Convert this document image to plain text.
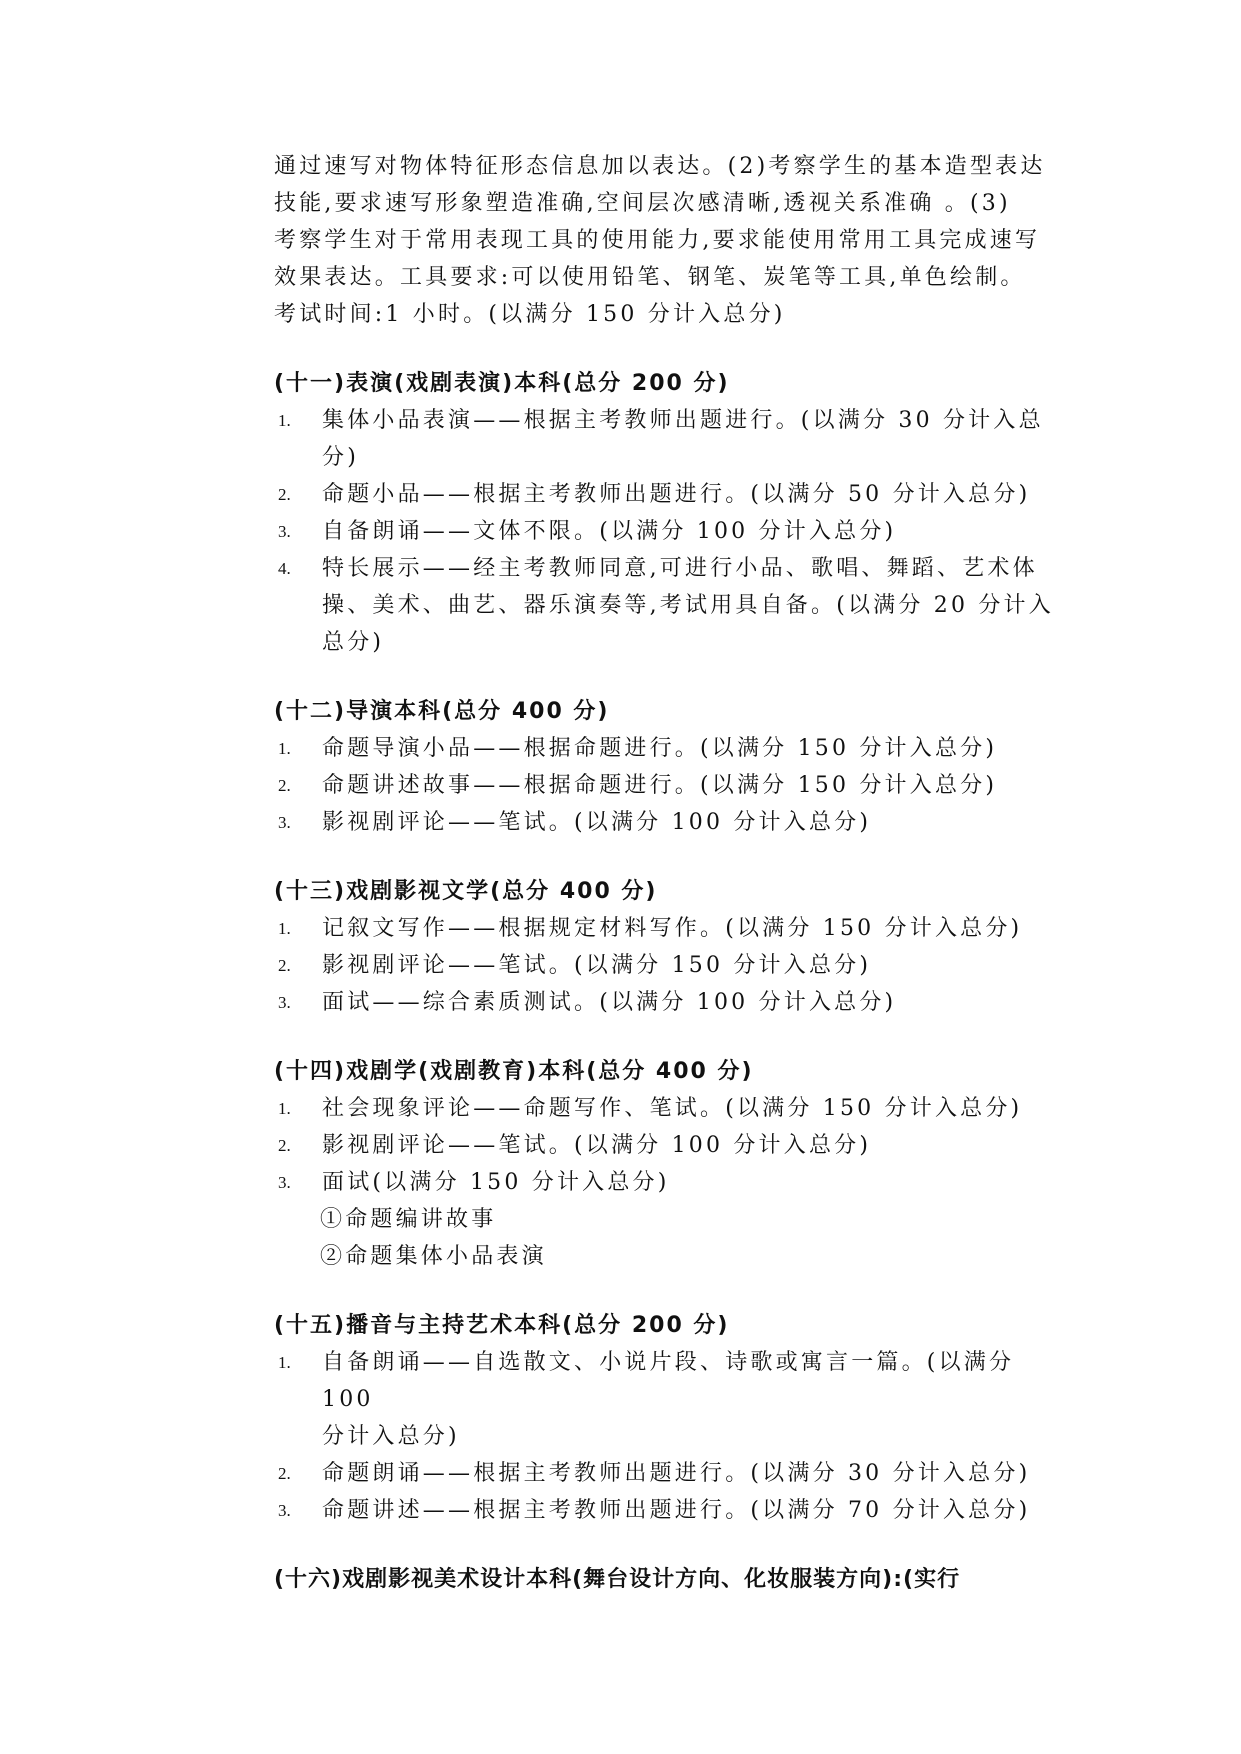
通过速写对物体特征形态信息加以表达。(2)考察学生的基本造型表达

技能,要求速写形象塑造准确,空间层次感清晰,透视关系准确 。(3)

考察学生对于常用表现工具的使用能力,要求能使用常用工具完成速写

效果表达。工具要求:可以使用铅笔、钢笔、炭笔等工具,单色绘制。

考试时间:1 小时。(以满分 150 分计入总分)

(十一)表演(戏剧表演)本科(总分 200 分)

1.	集体小品表演——根据主考教师出题进行。(以满分 30 分计入总分)
2.	命题小品——根据主考教师出题进行。(以满分 50 分计入总分)
3.	自备朗诵——文体不限。(以满分 100 分计入总分)
4.	特长展示——经主考教师同意,可进行小品、歌唱、舞蹈、艺术体
操、美术、曲艺、器乐演奏等,考试用具自备。(以满分 20 分计入
总分)

(十二)导演本科(总分 400 分)

1.	命题导演小品——根据命题进行。(以满分 150 分计入总分)
2.	命题讲述故事——根据命题进行。(以满分 150 分计入总分)
3.	影视剧评论——笔试。(以满分 100 分计入总分)

(十三)戏剧影视文学(总分 400 分)

1.	记叙文写作——根据规定材料写作。(以满分 150 分计入总分)
2.	影视剧评论——笔试。(以满分 150 分计入总分)
3.	面试——综合素质测试。(以满分 100 分计入总分)

(十四)戏剧学(戏剧教育)本科(总分 400 分)

1.	社会现象评论——命题写作、笔试。(以满分 150 分计入总分)
2.	影视剧评论——笔试。(以满分 100 分计入总分)
3.	面试(以满分 150 分计入总分)
①命题编讲故事
②命题集体小品表演

(十五)播音与主持艺术本科(总分 200 分)

1.	自备朗诵——自选散文、小说片段、诗歌或寓言一篇。(以满分 100
分计入总分)
2.	命题朗诵——根据主考教师出题进行。(以满分 30 分计入总分)
3.	命题讲述——根据主考教师出题进行。(以满分 70 分计入总分)

(十六)戏剧影视美术设计本科(舞台设计方向、化妆服装方向):(实行
